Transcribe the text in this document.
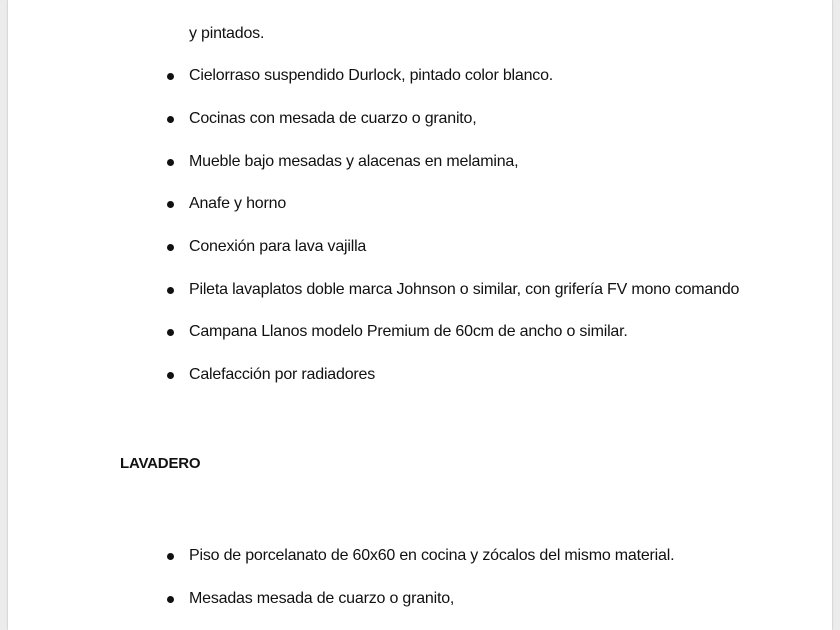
y pintados.
Cielorraso suspendido Durlock, pintado color blanco.
Cocinas con mesada de cuarzo o granito,
Mueble bajo mesadas y alacenas en melamina,
Anafe y horno
Conexión para lava vajilla
Pileta lavaplatos doble marca Johnson o similar, con grifería FV mono comando
Campana Llanos modelo Premium de 60cm de ancho o similar.
Calefacción por radiadores
LAVADERO
Piso de porcelanato de 60x60 en cocina y zócalos del mismo material.
Mesadas mesada de cuarzo o granito,
